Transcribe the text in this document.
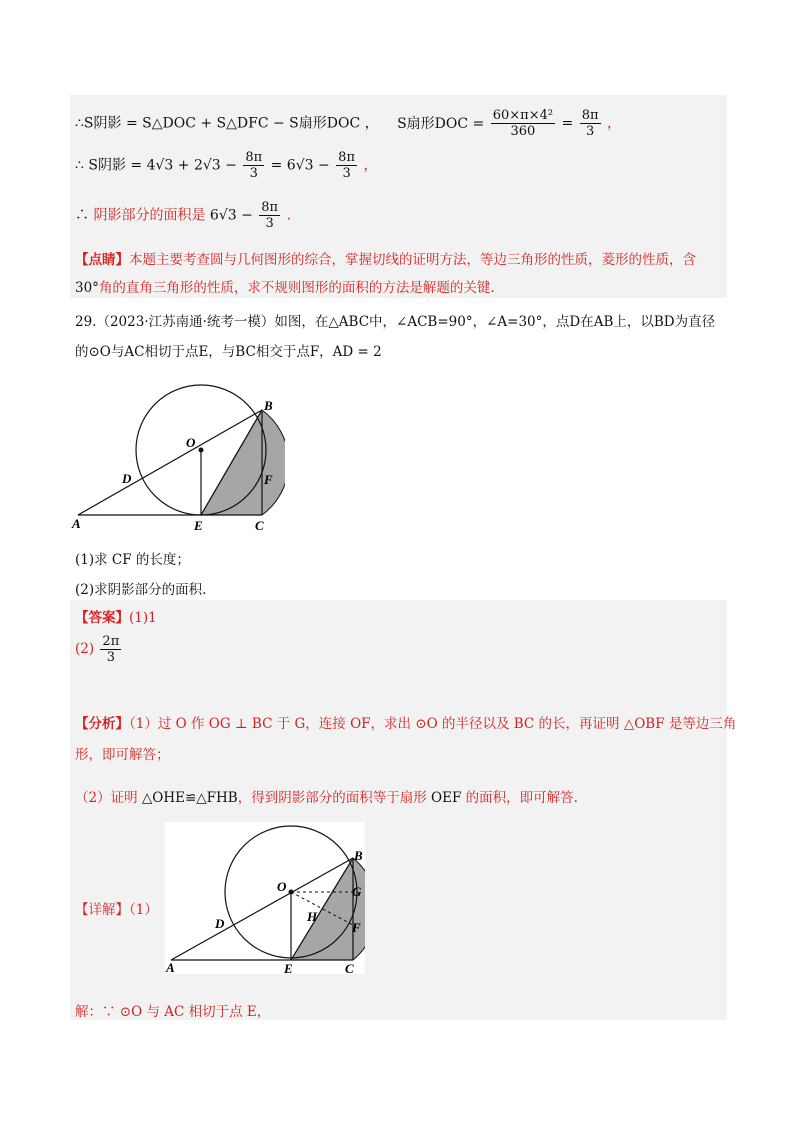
∴S阴影 = S△DOC + S△DFC − S扇形DOC ， S扇形DOC = $\frac{\text{60×π×4²}}{360} = \frac{8\pi}{3}$ ，
∴ S阴影 = $4√3 + 2√3 - \frac{8\pi}{3} = 6√3 - \frac{8\pi}{3}$ ，
∴ 阴影部分的面积是 $6√3 - \frac{8\pi}{3}$ .
【点睛】本题主要考查圆与几何图形的综合，掌握切线的证明方法，等边三角形的性质，菱形的性质，含
30°角的直角三角形的性质，求不规则图形的面积的方法是解题的关键.
29.（2023·江苏南通·统考一模）如图，在△ABC中，∠ACB=90°，∠A=30°，点D在AB上，以BD为直径
的⊙O与AC相切于点E，与BC相交于点F，AD = 2
A
B
C
D
E
F
O
(1)求 CF 的长度；
(2)求阴影部分的面积.
【答案】(1)1
$(2) \frac{2\pi}{3}$
【分析】（1）过 O 作 OG ⊥ BC 于 G，连接 OF，求出 ⊙O 的半径以及 BC 的长，再证明 △OBF 是等边三角
形，即可解答；
（2）证明 △OHE≌△FHB，得到阴影部分的面积等于扇形 OEF 的面积，即可解答.
【详解】（1）
A
B
C
D
E
F
G
H
O
解：∵ ⊙O 与 AC 相切于点 E，
